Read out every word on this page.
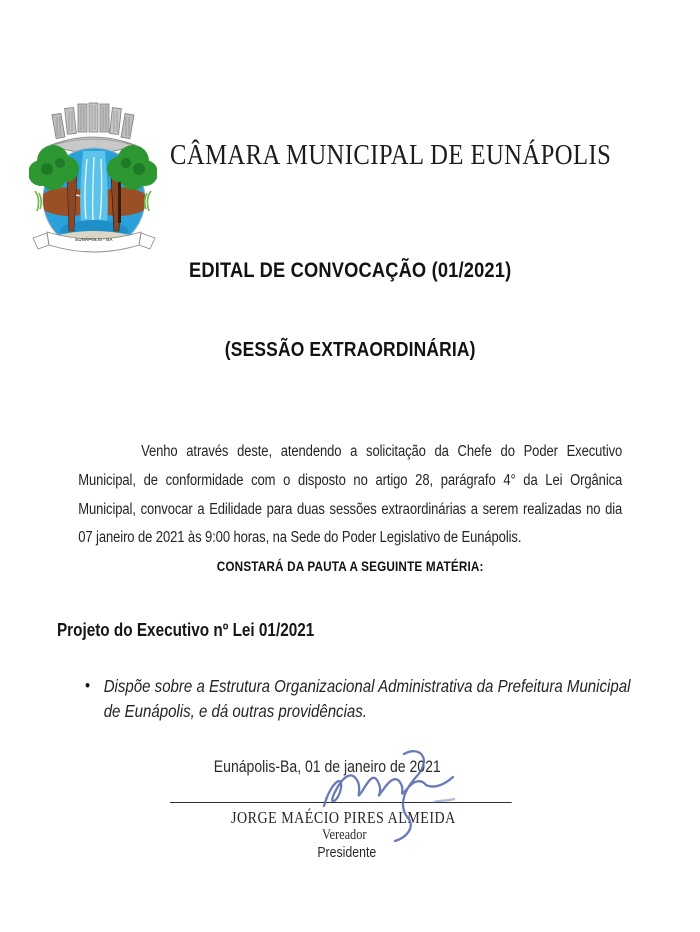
CÂMARA MUNICIPAL DE EUNÁPOLIS
EDITAL DE CONVOCAÇÃO (01/2021)
(SESSÃO EXTRAORDINÁRIA)
Venho através deste, atendendo a solicitação da Chefe do Poder Executivo
Municipal, de conformidade com o disposto no artigo 28, parágrafo 4° da Lei Orgânica
Municipal, convocar a Edilidade para duas sessões extraordinárias a serem realizadas no dia
07 janeiro de 2021 às 9:00 horas, na Sede do Poder Legislativo de Eunápolis.
CONSTARÁ DA PAUTA A SEGUINTE MATÉRIA:
Projeto do Executivo nº Lei 01/2021
• Dispõe sobre a Estrutura Organizacional Administrativa da Prefeitura Municipal de Eunápolis, e dá outras providências.
Eunápolis-Ba, 01 de janeiro de 2021
JORGE MAÉCIO PIRES ALMEIDA
Vereador
Presidente
EUNÁPOLIS - BA
·· ········ · ········· · ········ ··
